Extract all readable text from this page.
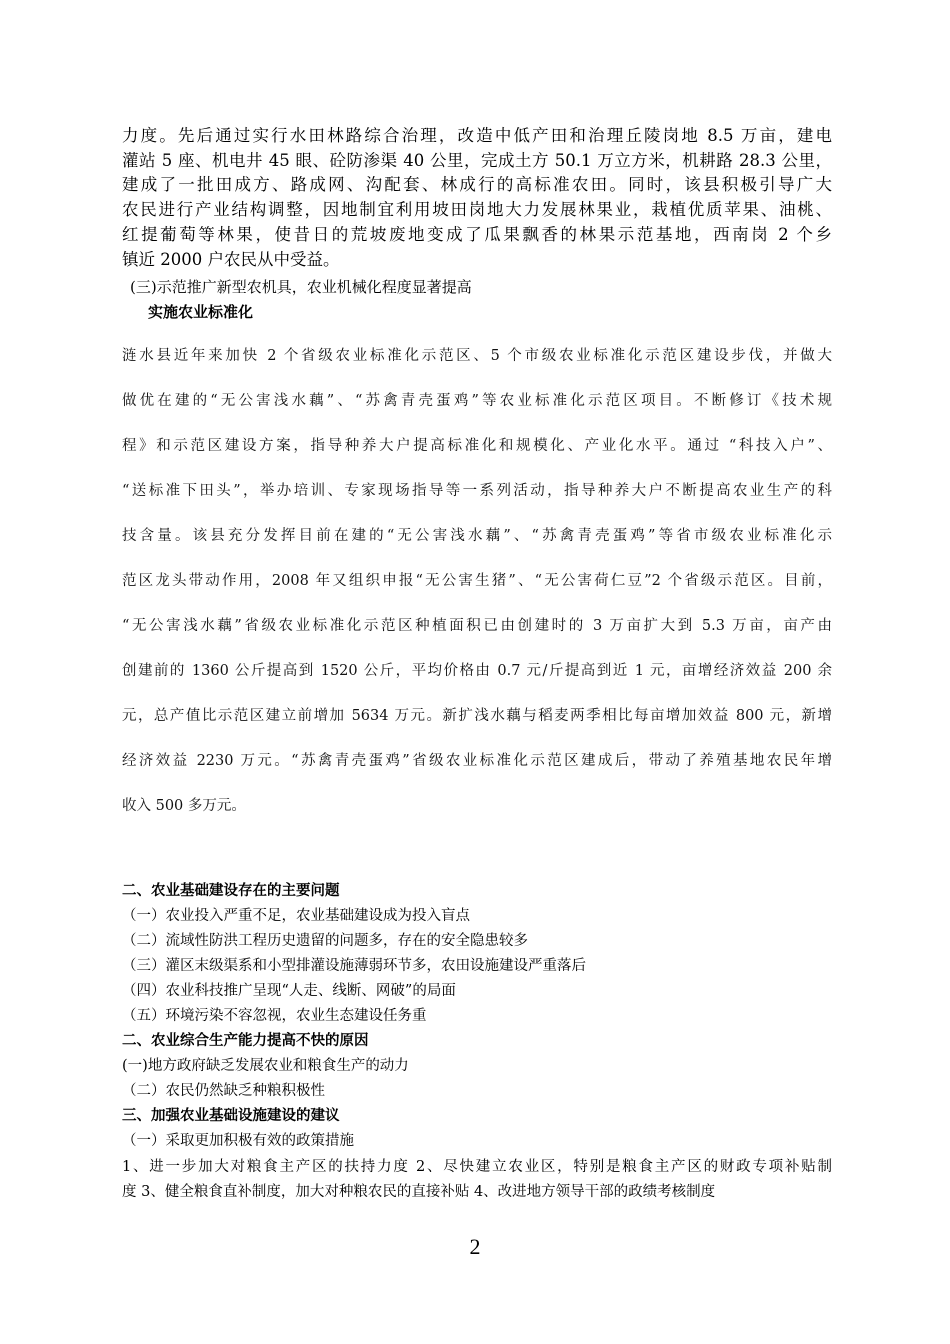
力度。先后通过实行水田林路综合治理，改造中低产田和治理丘陵岗地 8.5 万亩，建电
灌站 5 座、机电井 45 眼、砼防渗渠 40 公里，完成土方 50.1 万立方米，机耕路 28.3 公里，
建成了一批田成方、路成网、沟配套、林成行的高标准农田。同时，该县积极引导广大
农民进行产业结构调整，因地制宜利用坡田岗地大力发展林果业，栽植优质苹果、油桃、
红提葡萄等林果，使昔日的荒坡废地变成了瓜果飘香的林果示范基地，西南岗 2 个乡
镇近 2000 户农民从中受益。
(三)示范推广新型农机具，农业机械化程度显著提高
实施农业标准化
涟水县近年来加快 2 个省级农业标准化示范区、5 个市级农业标准化示范区建设步伐，并做大
做优在建的“无公害浅水藕”、“苏禽青壳蛋鸡”等农业标准化示范区项目。不断修订《技术规
程》和示范区建设方案，指导种养大户提高标准化和规模化、产业化水平。通过 “科技入户”、
“送标准下田头”，举办培训、专家现场指导等一系列活动，指导种养大户不断提高农业生产的科
技含量。该县充分发挥目前在建的“无公害浅水藕”、“苏禽青壳蛋鸡”等省市级农业标准化示
范区龙头带动作用，2008 年又组织申报“无公害生猪”、“无公害荷仁豆”2 个省级示范区。目前，
“无公害浅水藕”省级农业标准化示范区种植面积已由创建时的 3 万亩扩大到 5.3 万亩，亩产由
创建前的 1360 公斤提高到 1520 公斤，平均价格由 0.7 元/斤提高到近 1 元，亩增经济效益 200 余
元，总产值比示范区建立前增加 5634 万元。新扩浅水藕与稻麦两季相比每亩增加效益 800 元，新增
经济效益 2230 万元。“苏禽青壳蛋鸡”省级农业标准化示范区建成后，带动了养殖基地农民年增
收入 500 多万元。
二、农业基础建设存在的主要问题
（一）农业投入严重不足，农业基础建设成为投入盲点
（二）流域性防洪工程历史遗留的问题多，存在的安全隐患较多
（三）灌区末级渠系和小型排灌设施薄弱环节多，农田设施建设严重落后
（四）农业科技推广呈现“人走、线断、网破”的局面
（五）环境污染不容忽视，农业生态建设任务重
二、农业综合生产能力提高不快的原因
(一)地方政府缺乏发展农业和粮食生产的动力
（二）农民仍然缺乏种粮积极性
三、加强农业基础设施建设的建议
（一）采取更加积极有效的政策措施
1、进一步加大对粮食主产区的扶持力度 2、尽快建立农业区，特别是粮食主产区的财政专项补贴制
度 3、健全粮食直补制度，加大对种粮农民的直接补贴 4、改进地方领导干部的政绩考核制度
2
